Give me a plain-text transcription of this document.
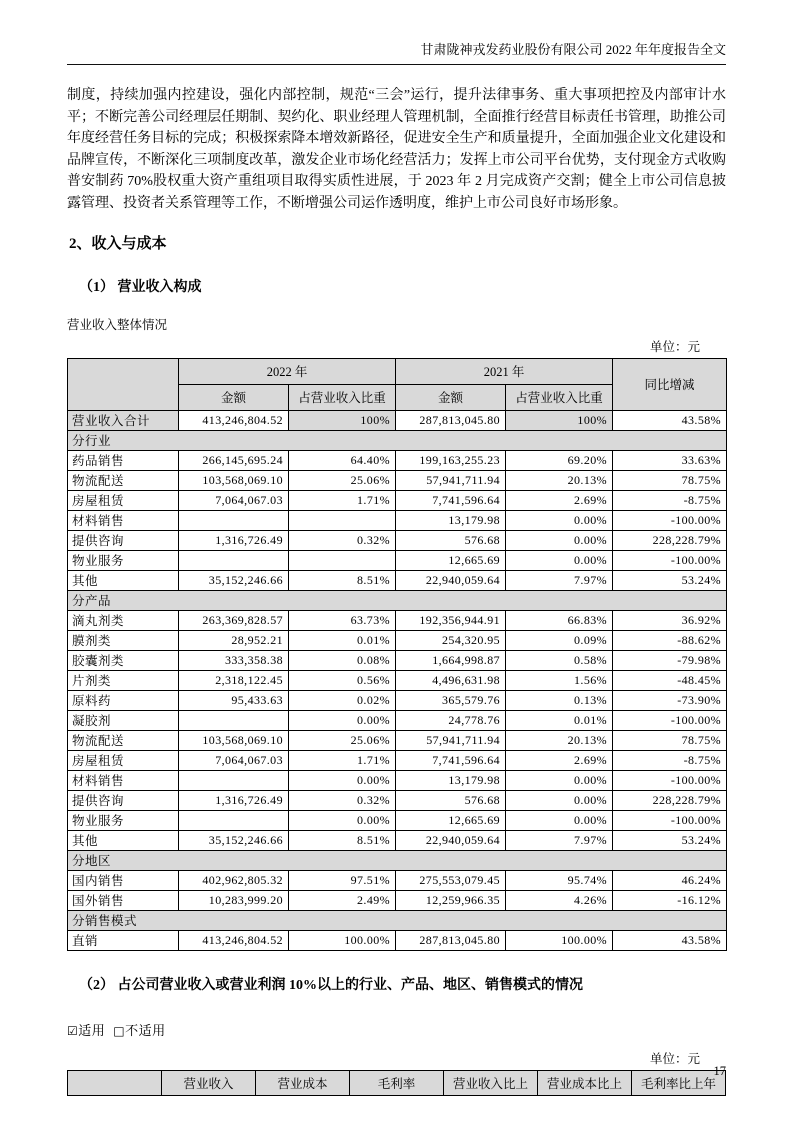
甘肃陇神戎发药业股份有限公司 2022 年年度报告全文

制度，持续加强内控建设，强化内部控制，规范“三会”运行，提升法律事务、重大事项把控及内部审计水平；不断完善公司经理层任期制、契约化、职业经理人管理机制，全面推行经营目标责任书管理，助推公司年度经营任务目标的完成；积极探索降本增效新路径，促进安全生产和质量提升，全面加强企业文化建设和品牌宣传，不断深化三项制度改革，激发企业市场化经营活力；发挥上市公司平台优势，支付现金方式收购普安制药 70%股权重大资产重组项目取得实质性进展，于 2023 年 2 月完成资产交割；健全上市公司信息披露管理、投资者关系管理等工作，不断增强公司运作透明度，维护上市公司良好市场形象。

2、收入与成本
（1） 营业收入构成
营业收入整体情况
单位：元
	2022 年		2021 年		同比增减
	金额	占营业收入比重	金额	占营业收入比重	
营业收入合计	413,246,804.52	100%	287,813,045.80	100%	43.58%
分行业					
药品销售	266,145,695.24	64.40%	199,163,255.23	69.20%	33.63%
物流配送	103,568,069.10	25.06%	57,941,711.94	20.13%	78.75%
房屋租赁	7,064,067.03	1.71%	7,741,596.64	2.69%	-8.75%
材料销售			13,179.98	0.00%	-100.00%
提供咨询	1,316,726.49	0.32%	576.68	0.00%	228,228.79%
物业服务			12,665.69	0.00%	-100.00%
其他	35,152,246.66	8.51%	22,940,059.64	7.97%	53.24%
分产品					
滴丸剂类	263,369,828.57	63.73%	192,356,944.91	66.83%	36.92%
膜剂类	28,952.21	0.01%	254,320.95	0.09%	-88.62%
胶囊剂类	333,358.38	0.08%	1,664,998.87	0.58%	-79.98%
片剂类	2,318,122.45	0.56%	4,496,631.98	1.56%	-48.45%
原料药	95,433.63	0.02%	365,579.76	0.13%	-73.90%
凝胶剂		0.00%	24,778.76	0.01%	-100.00%
物流配送	103,568,069.10	25.06%	57,941,711.94	20.13%	78.75%
房屋租赁	7,064,067.03	1.71%	7,741,596.64	2.69%	-8.75%
材料销售		0.00%	13,179.98	0.00%	-100.00%
提供咨询	1,316,726.49	0.32%	576.68	0.00%	228,228.79%
物业服务		0.00%	12,665.69	0.00%	-100.00%
其他	35,152,246.66	8.51%	22,940,059.64	7.97%	53.24%
分地区					
国内销售	402,962,805.32	97.51%	275,553,079.45	95.74%	46.24%
国外销售	10,283,999.20	2.49%	12,259,966.35	4.26%	-16.12%
分销售模式					
直销	413,246,804.52	100.00%	287,813,045.80	100.00%	43.58%
（2） 占公司营业收入或营业利润 10%以上的行业、产品、地区、销售模式的情况
☑适用 □不适用
单位：元
	营业收入	营业成本	毛利率	营业收入比上	营业成本比上	毛利率比上年
17
